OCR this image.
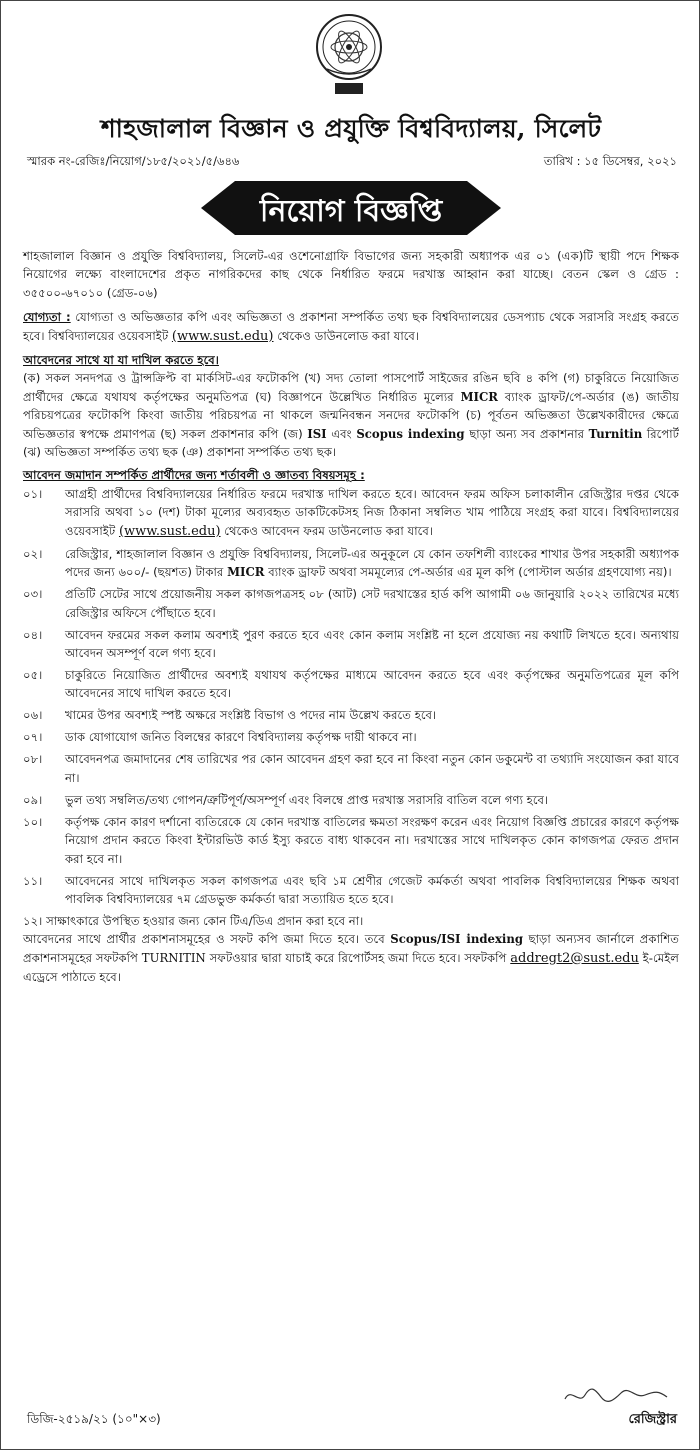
শাহজালাল বিজ্ঞান ও প্রযুক্তি বিশ্ববিদ্যালয়, সিলেট
স্মারক নং-রেজিঃ/নিয়োগ/১৮৫/২০২১/৫/৬৪৬	তারিখ : ১৫ ডিসেম্বর, ২০২১
নিয়োগ বিজ্ঞপ্তি

শাহজালাল বিজ্ঞান ও প্রযুক্তি বিশ্ববিদ্যালয়, সিলেট-এর ওশেনোগ্রাফি বিভাগের জন্য সহকারী অধ্যাপক এর ০১ (এক)টি স্থায়ী পদে শিক্ষক নিয়োগের লক্ষ্যে বাংলাদেশের প্রকৃত নাগরিকদের কাছ থেকে নির্ধারিত ফরমে দরখাস্ত আহ্বান করা যাচ্ছে। বেতন স্কেল ও গ্রেড : ৩৫৫০০-৬৭০১০ (গ্রেড-০৬)

যোগ্যতা : যোগ্যতা ও অভিজ্ঞতার কপি এবং অভিজ্ঞতা ও প্রকাশনা সম্পর্কিত তথ্য ছক বিশ্ববিদ্যালয়ের ডেসপ্যাচ থেকে সরাসরি সংগ্রহ করতে হবে। বিশ্ববিদ্যালয়ের ওয়েবসাইট (www.sust.edu) থেকেও ডাউনলোড করা যাবে।

আবেদনের সাথে যা যা দাখিল করতে হবে।

(ক) সকল সনদপত্র ও ট্রান্সক্রিপ্ট বা মার্কসিট-এর ফটোকপি (খ) সদ্য তোলা পাসপোর্ট সাইজের রঙিন ছবি ৪ কপি (গ) চাকুরিতে নিয়োজিত প্রার্থীদের ক্ষেত্রে যথাযথ কর্তৃপক্ষের অনুমতিপত্র (ঘ) বিজ্ঞাপনে উল্লেখিত নির্ধারিত মূল্যের MICR ব্যাংক ড্রাফট/পে-অর্ডার (ঙ) জাতীয় পরিচয়পত্রের ফটোকপি কিংবা জাতীয় পরিচয়পত্র না থাকলে জন্মনিবন্ধন সনদের ফটোকপি (চ) পূর্বতন অভিজ্ঞতা উল্লেখকারীদের ক্ষেত্রে অভিজ্ঞতার স্বপক্ষে প্রমাণপত্র (ছ) সকল প্রকাশনার কপি (জ) ISI এবং Scopus indexing ছাড়া অন্য সব প্রকাশনার Turnitin রিপোর্ট (ঝ) অভিজ্ঞতা সম্পর্কিত তথ্য ছক (ঞ) প্রকাশনা সম্পর্কিত তথ্য ছক।

আবেদন জমাদান সম্পর্কিত প্রার্থীদের জন্য শর্তাবলী ও জ্ঞাতব্য বিষয়সমূহ :

০১।	আগ্রহী প্রার্থীদের বিশ্ববিদ্যালয়ের নির্ধারিত ফরমে দরখাস্ত দাখিল করতে হবে। আবেদন ফরম অফিস চলাকালীন রেজিস্ট্রার দপ্তর থেকে সরাসরি অথবা ১০ (দশ) টাকা মূল্যের অব্যবহৃত ডাকটিকেটসহ নিজ ঠিকানা সম্বলিত খাম পাঠিয়ে সংগ্রহ করা যাবে। বিশ্ববিদ্যালয়ের ওয়েবসাইট (www.sust.edu) থেকেও আবেদন ফরম ডাউনলোড করা যাবে।
০২।	রেজিস্ট্রার, শাহজালাল বিজ্ঞান ও প্রযুক্তি বিশ্ববিদ্যালয়, সিলেট-এর অনুকূলে যে কোন তফশিলী ব্যাংকের শাখার উপর সহকারী অধ্যাপক পদের জন্য ৬০০/- (ছয়শত) টাকার MICR ব্যাংক ড্রাফট অথবা সমমূল্যের পে-অর্ডার এর মূল কপি (পোস্টাল অর্ডার গ্রহণযোগ্য নয়)।
০৩।	প্রতিটি সেটের সাথে প্রয়োজনীয় সকল কাগজপত্রসহ ০৮ (আট) সেট দরখাস্তের হার্ড কপি আগামী ০৬ জানুয়ারি ২০২২ তারিখের মধ্যে রেজিস্ট্রার অফিসে পৌঁছাতে হবে।
০৪।	আবেদন ফরমের সকল কলাম অবশ্যই পুরণ করতে হবে এবং কোন কলাম সংশ্লিষ্ট না হলে প্রযোজ্য নয় কথাটি লিখতে হবে। অন্যথায় আবেদন অসম্পূর্ণ বলে গণ্য হবে।
০৫।	চাকুরিতে নিয়োজিত প্রার্থীদের অবশ্যই যথাযথ কর্তৃপক্ষের মাধ্যমে আবেদন করতে হবে এবং কর্তৃপক্ষের অনুমতিপত্রের মূল কপি আবেদনের সাথে দাখিল করতে হবে।
০৬।	খামের উপর অবশ্যই স্পষ্ট অক্ষরে সংশ্লিষ্ট বিভাগ ও পদের নাম উল্লেখ করতে হবে।
০৭।	ডাক যোগাযোগ জনিত বিলম্বের কারণে বিশ্ববিদ্যালয় কর্তৃপক্ষ দায়ী থাকবে না।
০৮।	আবেদনপত্র জমাদানের শেষ তারিখের পর কোন আবেদন গ্রহণ করা হবে না কিংবা নতুন কোন ডকুমেন্ট বা তথ্যাদি সংযোজন করা যাবে না।
০৯।	ভুল তথ্য সম্বলিত/তথ্য গোপন/ত্রুটিপূর্ণ/অসম্পূর্ণ এবং বিলম্বে প্রাপ্ত দরখাস্ত সরাসরি বাতিল বলে গণ্য হবে।
১০।	কর্তৃপক্ষ কোন কারণ দর্শানো ব্যতিরেকে যে কোন দরখাস্ত বাতিলের ক্ষমতা সংরক্ষণ করেন এবং নিয়োগ বিজ্ঞপ্তি প্রচারের কারণে কর্তৃপক্ষ নিয়োগ প্রদান করতে কিংবা ইন্টারভিউ কার্ড ইস্যু করতে বাধ্য থাকবেন না। দরখাস্তের সাথে দাখিলকৃত কোন কাগজপত্র ফেরত প্রদান করা হবে না।
১১।	আবেদনের সাথে দাখিলকৃত সকল কাগজপত্র এবং ছবি ১ম শ্রেণীর গেজেট কর্মকর্তা অথবা পাবলিক বিশ্ববিদ্যালয়ের শিক্ষক অথবা পাবলিক বিশ্ববিদ্যালয়ের ৭ম গ্রেডভুক্ত কর্মকর্তা দ্বারা সত্যায়িত হতে হবে।

১২। সাক্ষাৎকারে উপস্থিত হওয়ার জন্য কোন টিএ/ডিএ প্রদান করা হবে না।

আবেদনের সাথে প্রার্থীর প্রকাশনাসমূহের ও সফট কপি জমা দিতে হবে। তবে Scopus/ISI indexing ছাড়া অন্যসব জার্নালে প্রকাশিত প্রকাশনাসমূহের সফটকপি TURNITIN সফটওয়ার দ্বারা যাচাই করে রিপোর্টসহ জমা দিতে হবে। সফটকপি addregt2@sust.edu ই-মেইল এড্রেসে পাঠাতে হবে।

ডিজি-২৫১৯/২১ (১০"×৩)	রেজিস্ট্রার
